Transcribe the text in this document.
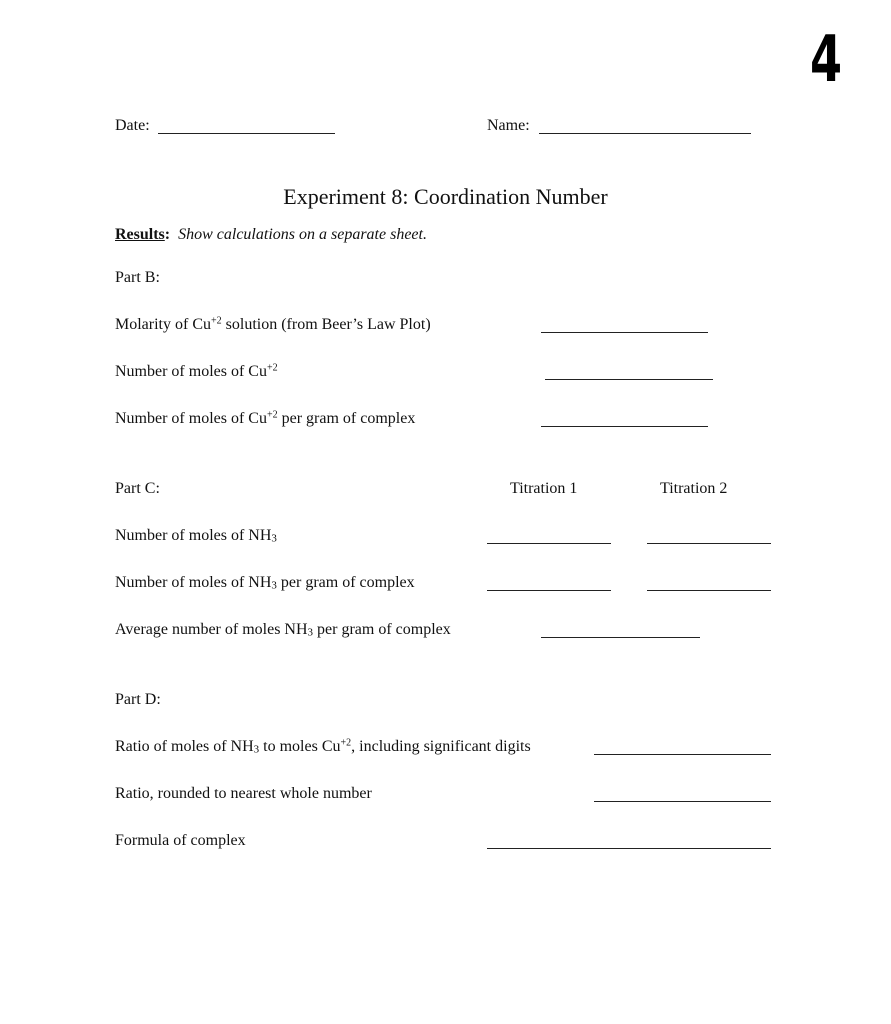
4
Date:	Name:
Experiment 8: Coordination Number
Results: Show calculations on a separate sheet.
Part B:
Molarity of $Cu^{+2}$ solution (from Beer’s Law Plot)
Number of moles of $Cu^{+2}$
Number of moles of $Cu^{+2}$ per gram of complex
Part C:	Titration 1	Titration 2
Number of moles of $NH_3$
Number of moles of $NH_3$ per gram of complex
Average number of moles $NH_3$ per gram of complex
Part D:
Ratio of moles of $NH_3$ to moles $Cu^{+2}$, including significant digits
Ratio, rounded to nearest whole number
Formula of complex
